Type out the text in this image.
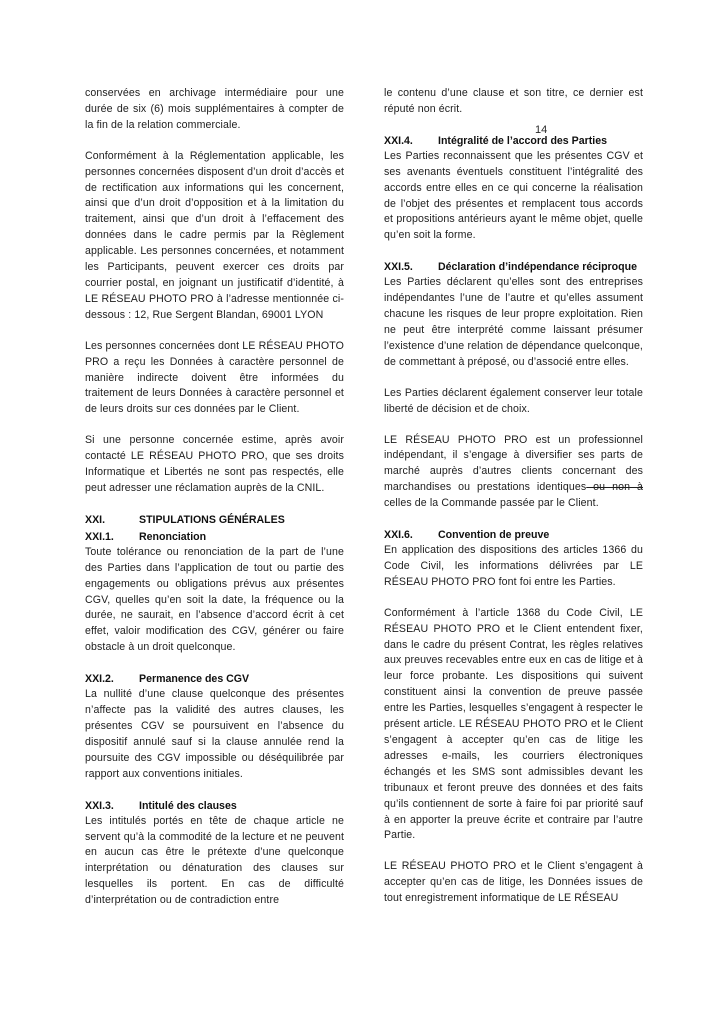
conservées en archivage intermédiaire pour une durée de six (6) mois supplémentaires à compter de la fin de la relation commerciale.

Conformément à la Réglementation applicable, les personnes concernées disposent d’un droit d’accès et de rectification aux informations qui les concernent, ainsi que d’un droit d’opposition et à la limitation du traitement, ainsi que d’un droit à l’effacement des données dans le cadre permis par la Règlement applicable. Les personnes concernées, et notamment les Participants, peuvent exercer ces droits par courrier postal, en joignant un justificatif d’identité, à LE RÉSEAU PHOTO PRO à l’adresse mentionnée ci-dessous : 12, Rue Sergent Blandan, 69001 LYON

Les personnes concernées dont LE RÉSEAU PHOTO PRO a reçu les Données à caractère personnel de manière indirecte doivent être informées du traitement de leurs Données à caractère personnel et de leurs droits sur ces données par le Client.

Si une personne concernée estime, après avoir contacté LE RÉSEAU PHOTO PRO, que ses droits Informatique et Libertés ne sont pas respectés, elle peut adresser une réclamation auprès de la CNIL.

XXI.	STIPULATIONS GÉNÉRALES
XXI.1.	Renonciation

Toute tolérance ou renonciation de la part de l’une des Parties dans l’application de tout ou partie des engagements ou obligations prévus aux présentes CGV, quelles qu’en soit la date, la fréquence ou la durée, ne saurait, en l’absence d’accord écrit à cet effet, valoir modification des CGV, générer ou faire obstacle à un droit quelconque.

XXI.2.	Permanence des CGV

La nullité d’une clause quelconque des présentes n’affecte pas la validité des autres clauses, les présentes CGV se poursuivent en l’absence du dispositif annulé sauf si la clause annulée rend la poursuite des CGV impossible ou déséquilibrée par rapport aux conventions initiales.

XXI.3.	Intitulé des clauses

Les intitulés portés en tête de chaque article ne servent qu’à la commodité de la lecture et ne peuvent en aucun cas être le prétexte d’une quelconque interprétation ou dénaturation des clauses sur lesquelles ils portent. En cas de difficulté d’interprétation ou de contradiction entre

14

le contenu d’une clause et son titre, ce dernier est réputé non écrit.

XXI.4.	Intégralité de l’accord des Parties

Les Parties reconnaissent que les présentes CGV et ses avenants éventuels constituent l’intégralité des accords entre elles en ce qui concerne la réalisation de l’objet des présentes et remplacent tous accords et propositions antérieurs ayant le même objet, quelle qu’en soit la forme.

XXI.5.	Déclaration d’indépendance réciproque

Les Parties déclarent qu’elles sont des entreprises indépendantes l’une de l’autre et qu’elles assument chacune les risques de leur propre exploitation. Rien ne peut être interprété comme laissant présumer l’existence d’une relation de dépendance quelconque, de commettant à préposé, ou d’associé entre elles.

Les Parties déclarent également conserver leur totale liberté de décision et de choix.

LE RÉSEAU PHOTO PRO est un professionnel indépendant, il s’engage à diversifier ses parts de marché auprès d’autres clients concernant des marchandises ou prestations identiques ou non à celles de la Commande passée par le Client.

XXI.6.	Convention de preuve

En application des dispositions des articles 1366 du Code Civil, les informations délivrées par LE RÉSEAU PHOTO PRO font foi entre les Parties.

Conformément à l’article 1368 du Code Civil, LE RÉSEAU PHOTO PRO et le Client entendent fixer, dans le cadre du présent Contrat, les règles relatives aux preuves recevables entre eux en cas de litige et à leur force probante. Les dispositions qui suivent constituent ainsi la convention de preuve passée entre les Parties, lesquelles s’engagent à respecter le présent article. LE RÉSEAU PHOTO PRO et le Client s’engagent à accepter qu’en cas de litige les adresses e-mails, les courriers électroniques échangés et les SMS sont admissibles devant les tribunaux et feront preuve des données et des faits qu’ils contiennent de sorte à faire foi par priorité sauf à en apporter la preuve écrite et contraire par l’autre Partie.

LE RÉSEAU PHOTO PRO et le Client s’engagent à accepter qu’en cas de litige, les Données issues de tout enregistrement informatique de LE RÉSEAU
